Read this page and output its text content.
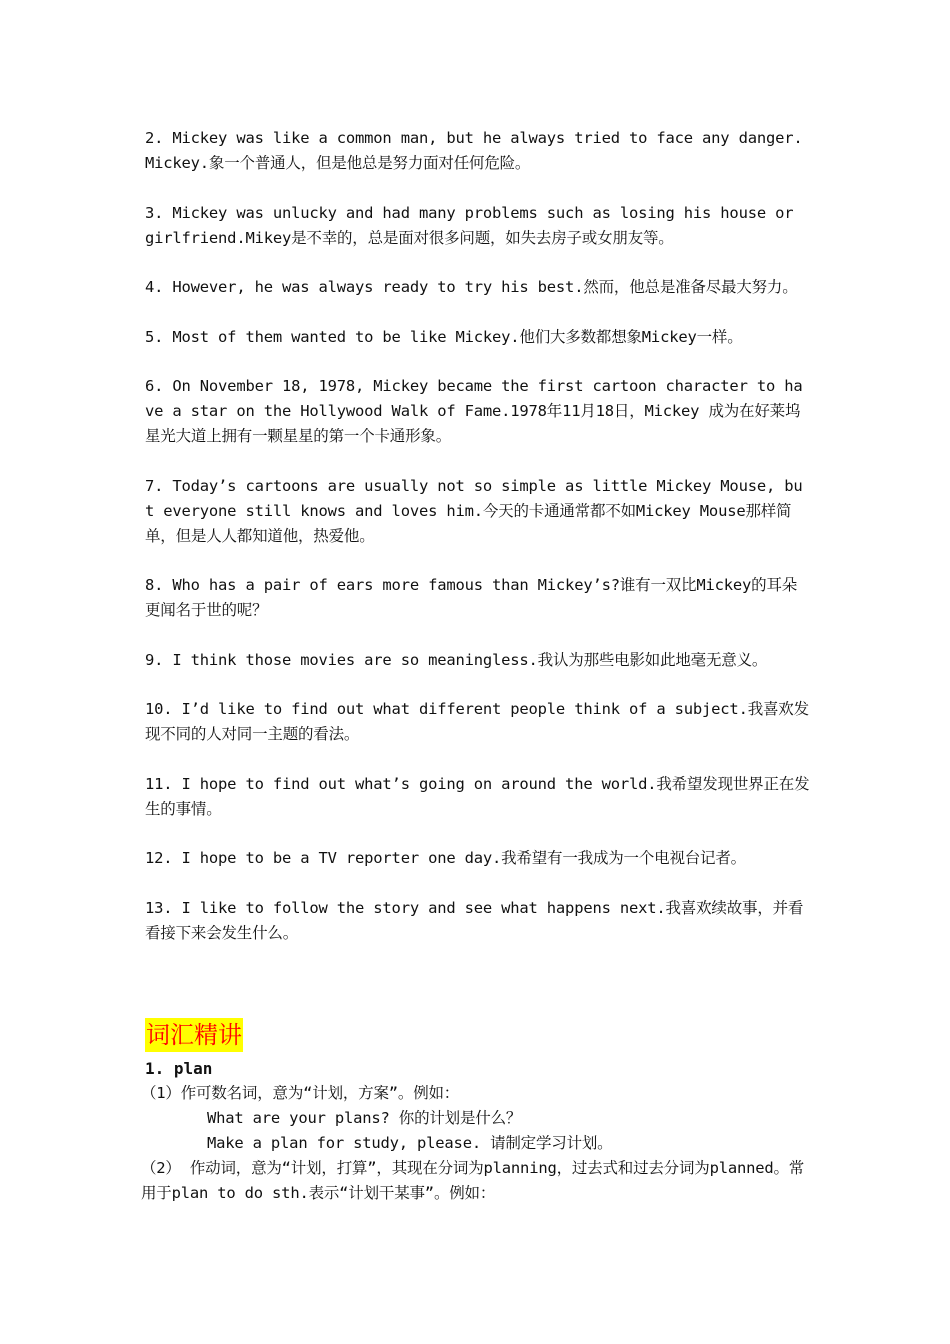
2. Mickey was like a common man, but he always tried to face any danger. Mickey.象一个普通人，但是他总是努力面对任何危险。

3. Mickey was unlucky and had many problems such as losing his house or girlfriend.Mikey是不幸的，总是面对很多问题，如失去房子或女朋友等。

4. However, he was always ready to try his best.然而，他总是准备尽最大努力。

5. Most of them wanted to be like Mickey.他们大多数都想象Mickey一样。

6. On November 18, 1978, Mickey became the first cartoon character to have a star on the Hollywood Walk of Fame.1978年11月18日，Mickey 成为在好莱坞星光大道上拥有一颗星星的第一个卡通形象。

7. Today’s cartoons are usually not so simple as little Mickey Mouse, but everyone still knows and loves him.今天的卡通通常都不如Mickey Mouse那样简单，但是人人都知道他，热爱他。

8. Who has a pair of ears more famous than Mickey’s?谁有一双比Mickey的耳朵更闻名于世的呢？

9. I think those movies are so meaningless.我认为那些电影如此地毫无意义。

10. I’d like to find out what different people think of a subject.我喜欢发现不同的人对同一主题的看法。

11. I hope to find out what’s going on around the world.我希望发现世界正在发生的事情。

12. I hope to be a TV reporter one day.我希望有一我成为一个电视台记者。

13. I like to follow the story and see what happens next.我喜欢续故事，并看看接下来会发生什么。

词汇精讲
1. plan
（1）作可数名词，意为“计划，方案”。例如：
What are your plans? 你的计划是什么？
Make a plan for study, please. 请制定学习计划。
（2） 作动词，意为“计划，打算”，其现在分词为planning，过去式和过去分词为planned。常用于plan to do sth.表示“计划干某事”。例如：
